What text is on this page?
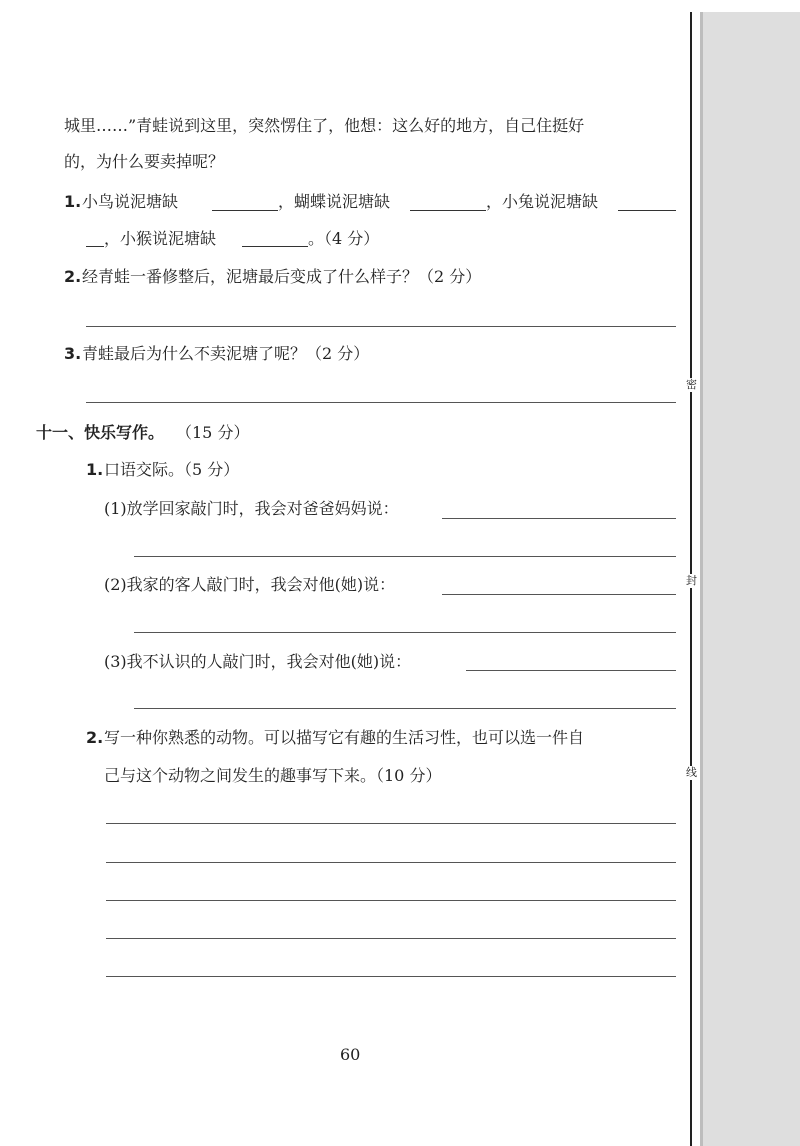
城里……”青蛙说到这里，突然愣住了，他想：这么好的地方，自己住挺好
的，为什么要卖掉呢？
1. 小鸟说泥塘缺	，蝴蝶说泥塘缺	，小兔说泥塘缺
，小猴说泥塘缺	。（4 分）
2. 经青蛙一番修整后，泥塘最后变成了什么样子？（2 分）
3. 青蛙最后为什么不卖泥塘了呢？（2 分）
十一、快乐写作。 （15 分）
1. 口语交际。（5 分）
(1)放学回家敲门时，我会对爸爸妈妈说：
(2)我家的客人敲门时，我会对他(她)说：
(3)我不认识的人敲门时，我会对他(她)说：
2. 写一种你熟悉的动物。可以描写它有趣的生活习性，也可以选一件自
己与这个动物之间发生的趣事写下来。（10 分）
60
密
封
线
